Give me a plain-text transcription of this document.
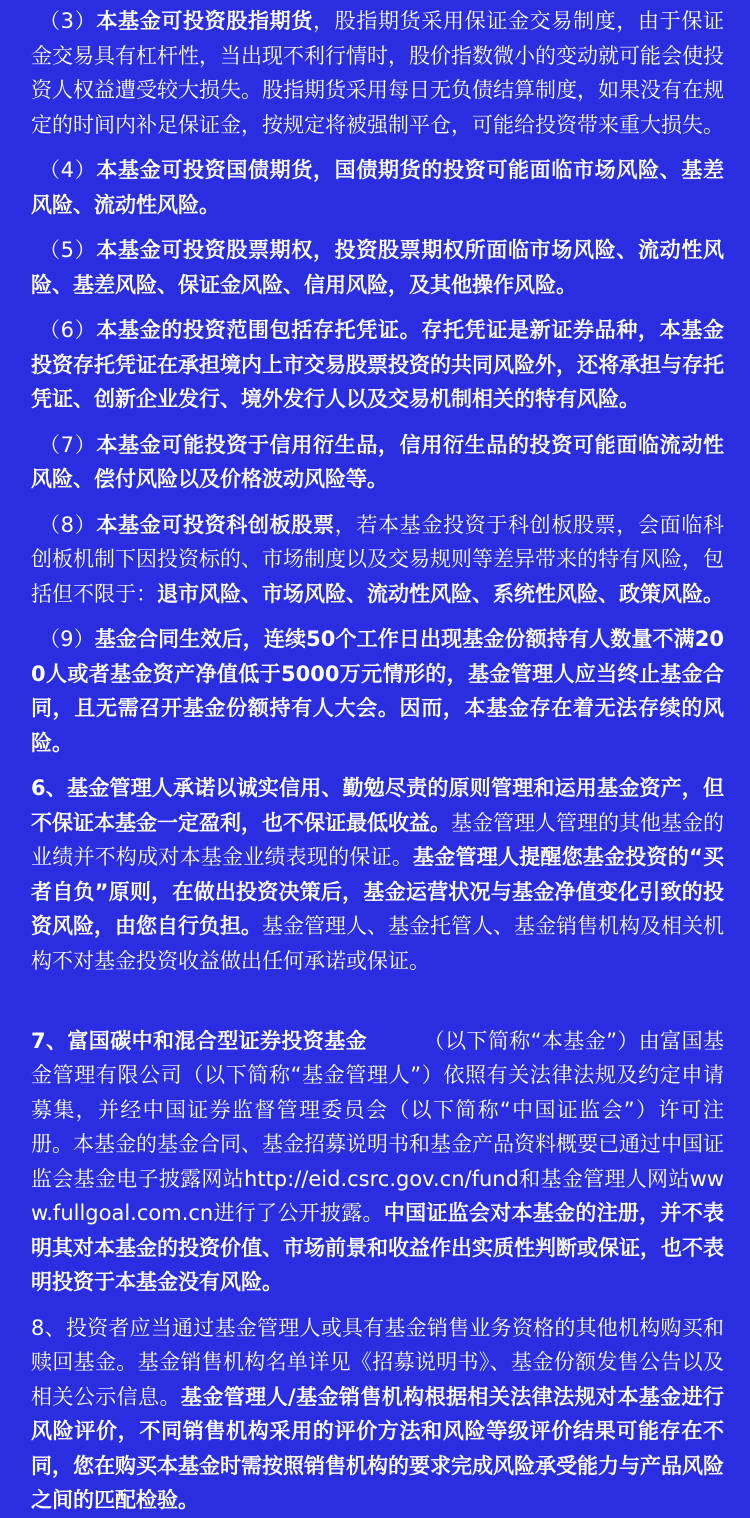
（3）本基金可投资股指期货，股指期货采用保证金交易制度，由于保证金交易具有杠杆性，当出现不利行情时，股价指数微小的变动就可能会使投资人权益遭受较大损失。股指期货采用每日无负债结算制度，如果没有在规定的时间内补足保证金，按规定将被强制平仓，可能给投资带来重大损失。

（4）本基金可投资国债期货，国债期货的投资可能面临市场风险、基差风险、流动性风险。

（5）本基金可投资股票期权，投资股票期权所面临市场风险、流动性风险、基差风险、保证金风险、信用风险，及其他操作风险。

（6）本基金的投资范围包括存托凭证。存托凭证是新证券品种，本基金投资存托凭证在承担境内上市交易股票投资的共同风险外，还将承担与存托凭证、创新企业发行、境外发行人以及交易机制相关的特有风险。

（7）本基金可能投资于信用衍生品，信用衍生品的投资可能面临流动性风险、偿付风险以及价格波动风险等。

（8）本基金可投资科创板股票，若本基金投资于科创板股票，会面临科创板机制下因投资标的、市场制度以及交易规则等差异带来的特有风险，包括但不限于：退市风险、市场风险、流动性风险、系统性风险、政策风险。

（9）基金合同生效后，连续50个工作日出现基金份额持有人数量不满200人或者基金资产净值低于5000万元情形的，基金管理人应当终止基金合同，且无需召开基金份额持有人大会。因而，本基金存在着无法存续的风险。

6、基金管理人承诺以诚实信用、勤勉尽责的原则管理和运用基金资产，但不保证本基金一定盈利，也不保证最低收益。基金管理人管理的其他基金的业绩并不构成对本基金业绩表现的保证。基金管理人提醒您基金投资的“买者自负”原则，在做出投资决策后，基金运营状况与基金净值变化引致的投资风险，由您自行负担。基金管理人、基金托管人、基金销售机构及相关机构不对基金投资收益做出任何承诺或保证。

7、富国碳中和混合型证券投资基金        （以下简称“本基金”）由富国基金管理有限公司（以下简称“基金管理人”）依照有关法律法规及约定申请募集，并经中国证券监督管理委员会（以下简称“中国证监会”）许可注册。本基金的基金合同、基金招募说明书和基金产品资料概要已通过中国证监会基金电子披露网站http://eid.csrc.gov.cn/fund和基金管理人网站www.fullgoal.com.cn进行了公开披露。中国证监会对本基金的注册，并不表明其对本基金的投资价值、市场前景和收益作出实质性判断或保证，也不表明投资于本基金没有风险。

8、投资者应当通过基金管理人或具有基金销售业务资格的其他机构购买和赎回基金。基金销售机构名单详见《招募说明书》、基金份额发售公告以及相关公示信息。基金管理人/基金销售机构根据相关法律法规对本基金进行风险评价，不同销售机构采用的评价方法和风险等级评价结果可能存在不同，您在购买本基金时需按照销售机构的要求完成风险承受能力与产品风险之间的匹配检验。
